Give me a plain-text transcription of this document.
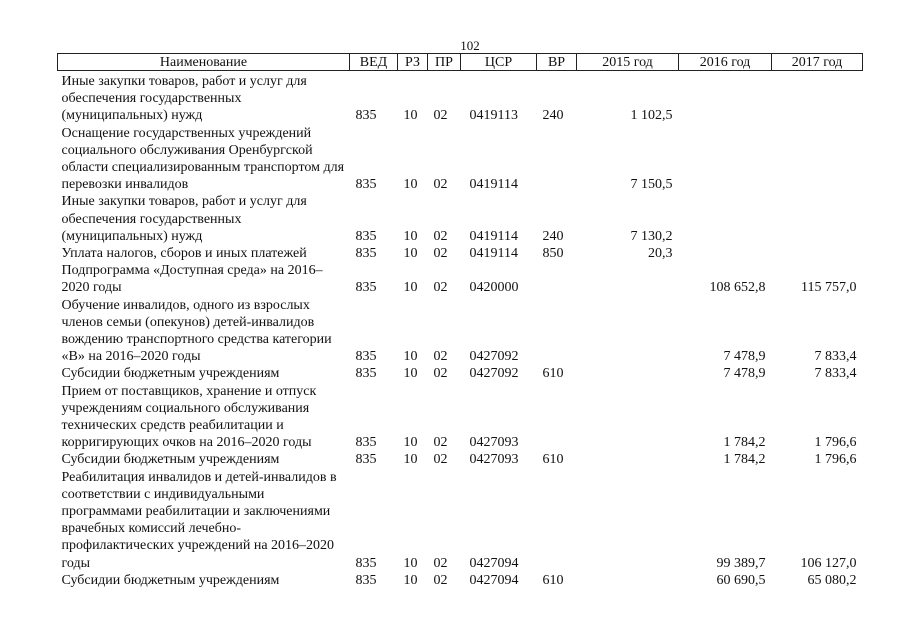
102
Наименование	ВЕД	РЗ	ПР	ЦСР	ВР	2015 год	2016 год	2017 год
Иные закупки товаров, работ и услуг для обеспечения государственных (муниципальных) нужд	835	10	02	0419113	240	1 102,5		
Оснащение государственных учреждений социального обслуживания Оренбургской области специализированным транспортом для перевозки инвалидов	835	10	02	0419114		7 150,5		
Иные закупки товаров, работ и услуг для обеспечения государственных (муниципальных) нужд	835	10	02	0419114	240	7 130,2		
Уплата налогов, сборов и иных платежей	835	10	02	0419114	850	20,3		
Подпрограмма «Доступная среда» на 2016–2020 годы	835	10	02	0420000			108 652,8	115 757,0
Обучение инвалидов, одного из взрослых членов семьи (опекунов) детей-инвалидов вождению транспортного средства категории «В» на 2016–2020 годы	835	10	02	0427092			7 478,9	7 833,4
Субсидии бюджетным учреждениям	835	10	02	0427092	610		7 478,9	7 833,4
Прием от поставщиков, хранение и отпуск учреждениям социального обслуживания технических средств реабилитации и корригирующих очков на 2016–2020 годы	835	10	02	0427093			1 784,2	1 796,6
Субсидии бюджетным учреждениям	835	10	02	0427093	610		1 784,2	1 796,6
Реабилитация инвалидов и детей-инвалидов в соответствии с индивидуальными программами реабилитации и заключениями врачебных комиссий лечебно-профилактических учреждений на 2016–2020 годы	835	10	02	0427094			99 389,7	106 127,0
Субсидии бюджетным учреждениям	835	10	02	0427094	610		60 690,5	65 080,2
